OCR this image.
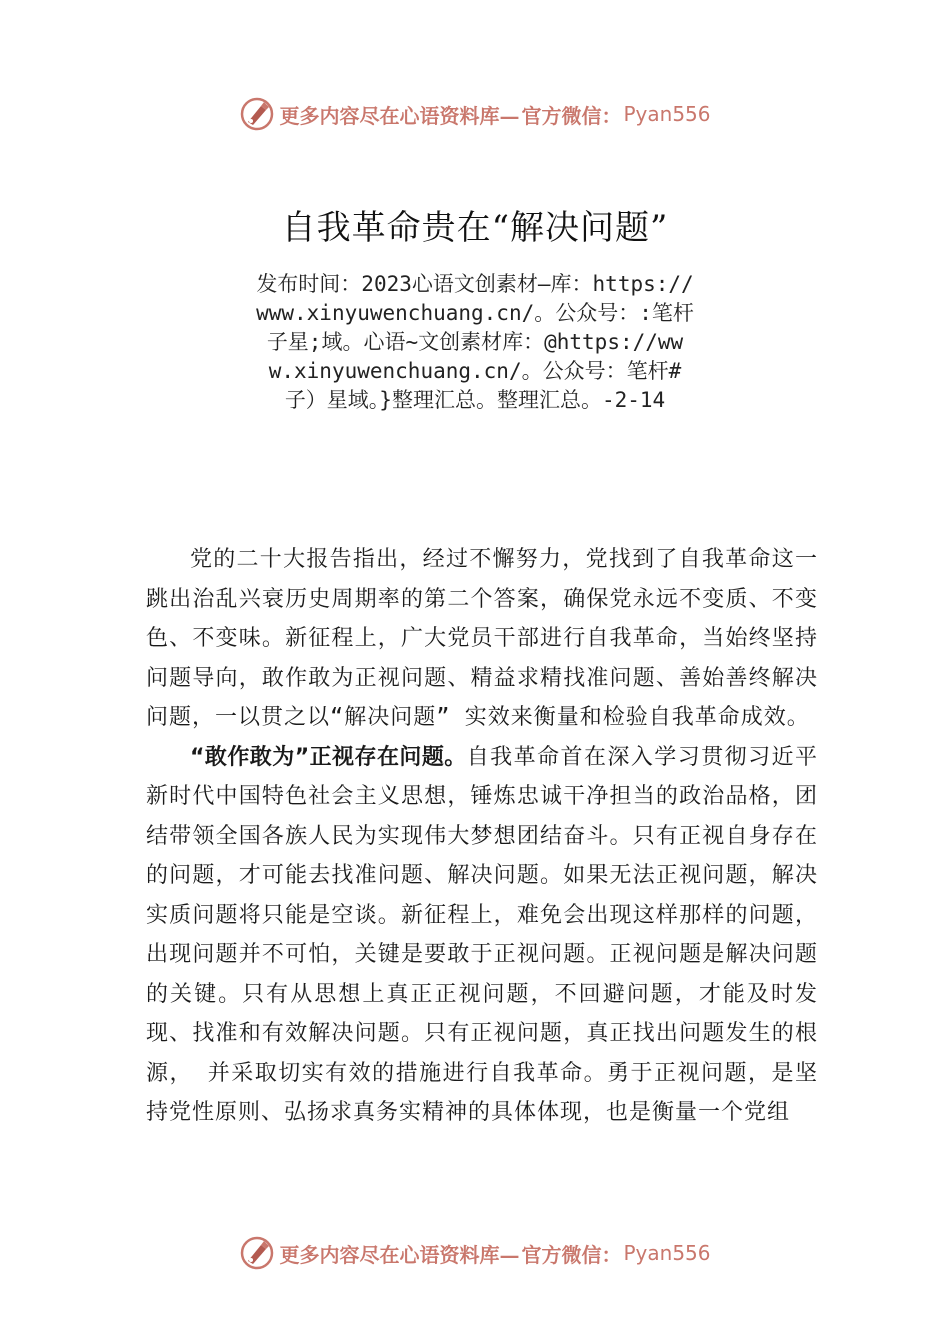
更多内容尽在心语资料库— 官方微信： Pyan556
自我革命贵在“解决问题”
发布时间：2023心语文创素材—库：https://www.xinyuwenchuang.cn/。公众号：:笔杆子星;域。心语~文创素材库：@https://www.xinyuwenchuang.cn/。公众号：笔杆#子）星域。}整理汇总。整理汇总。-2-14

党的二十大报告指出，经过不懈努力，党找到了自我革命这一跳出治乱兴衰历史周期率的第二个答案，确保党永远不变质、不变色、不变味。新征程上，广大党员干部进行自我革命，当始终坚持问题导向，敢作敢为正视问题、精益求精找准问题、善始善终解决问题，一以贯之以“解决问题” 实效来衡量和检验自我革命成效。

“敢作敢为”正视存在问题。自我革命首在深入学习贯彻习近平新时代中国特色社会主义思想，锤炼忠诚干净担当的政治品格，团结带领全国各族人民为实现伟大梦想团结奋斗。只有正视自身存在的问题，才可能去找准问题、解决问题。如果无法正视问题，解决实质问题将只能是空谈。新征程上，难免会出现这样那样的问题，出现问题并不可怕，关键是要敢于正视问题。正视问题是解决问题的关键。只有从思想上真正正视问题，不回避问题，才能及时发现、找准和有效解决问题。只有正视问题，真正找出问题发生的根源， 并采取切实有效的措施进行自我革命。勇于正视问题，是坚持党性原则、弘扬求真务实精神的具体体现，也是衡量一个党组

更多内容尽在心语资料库— 官方微信： Pyan556
